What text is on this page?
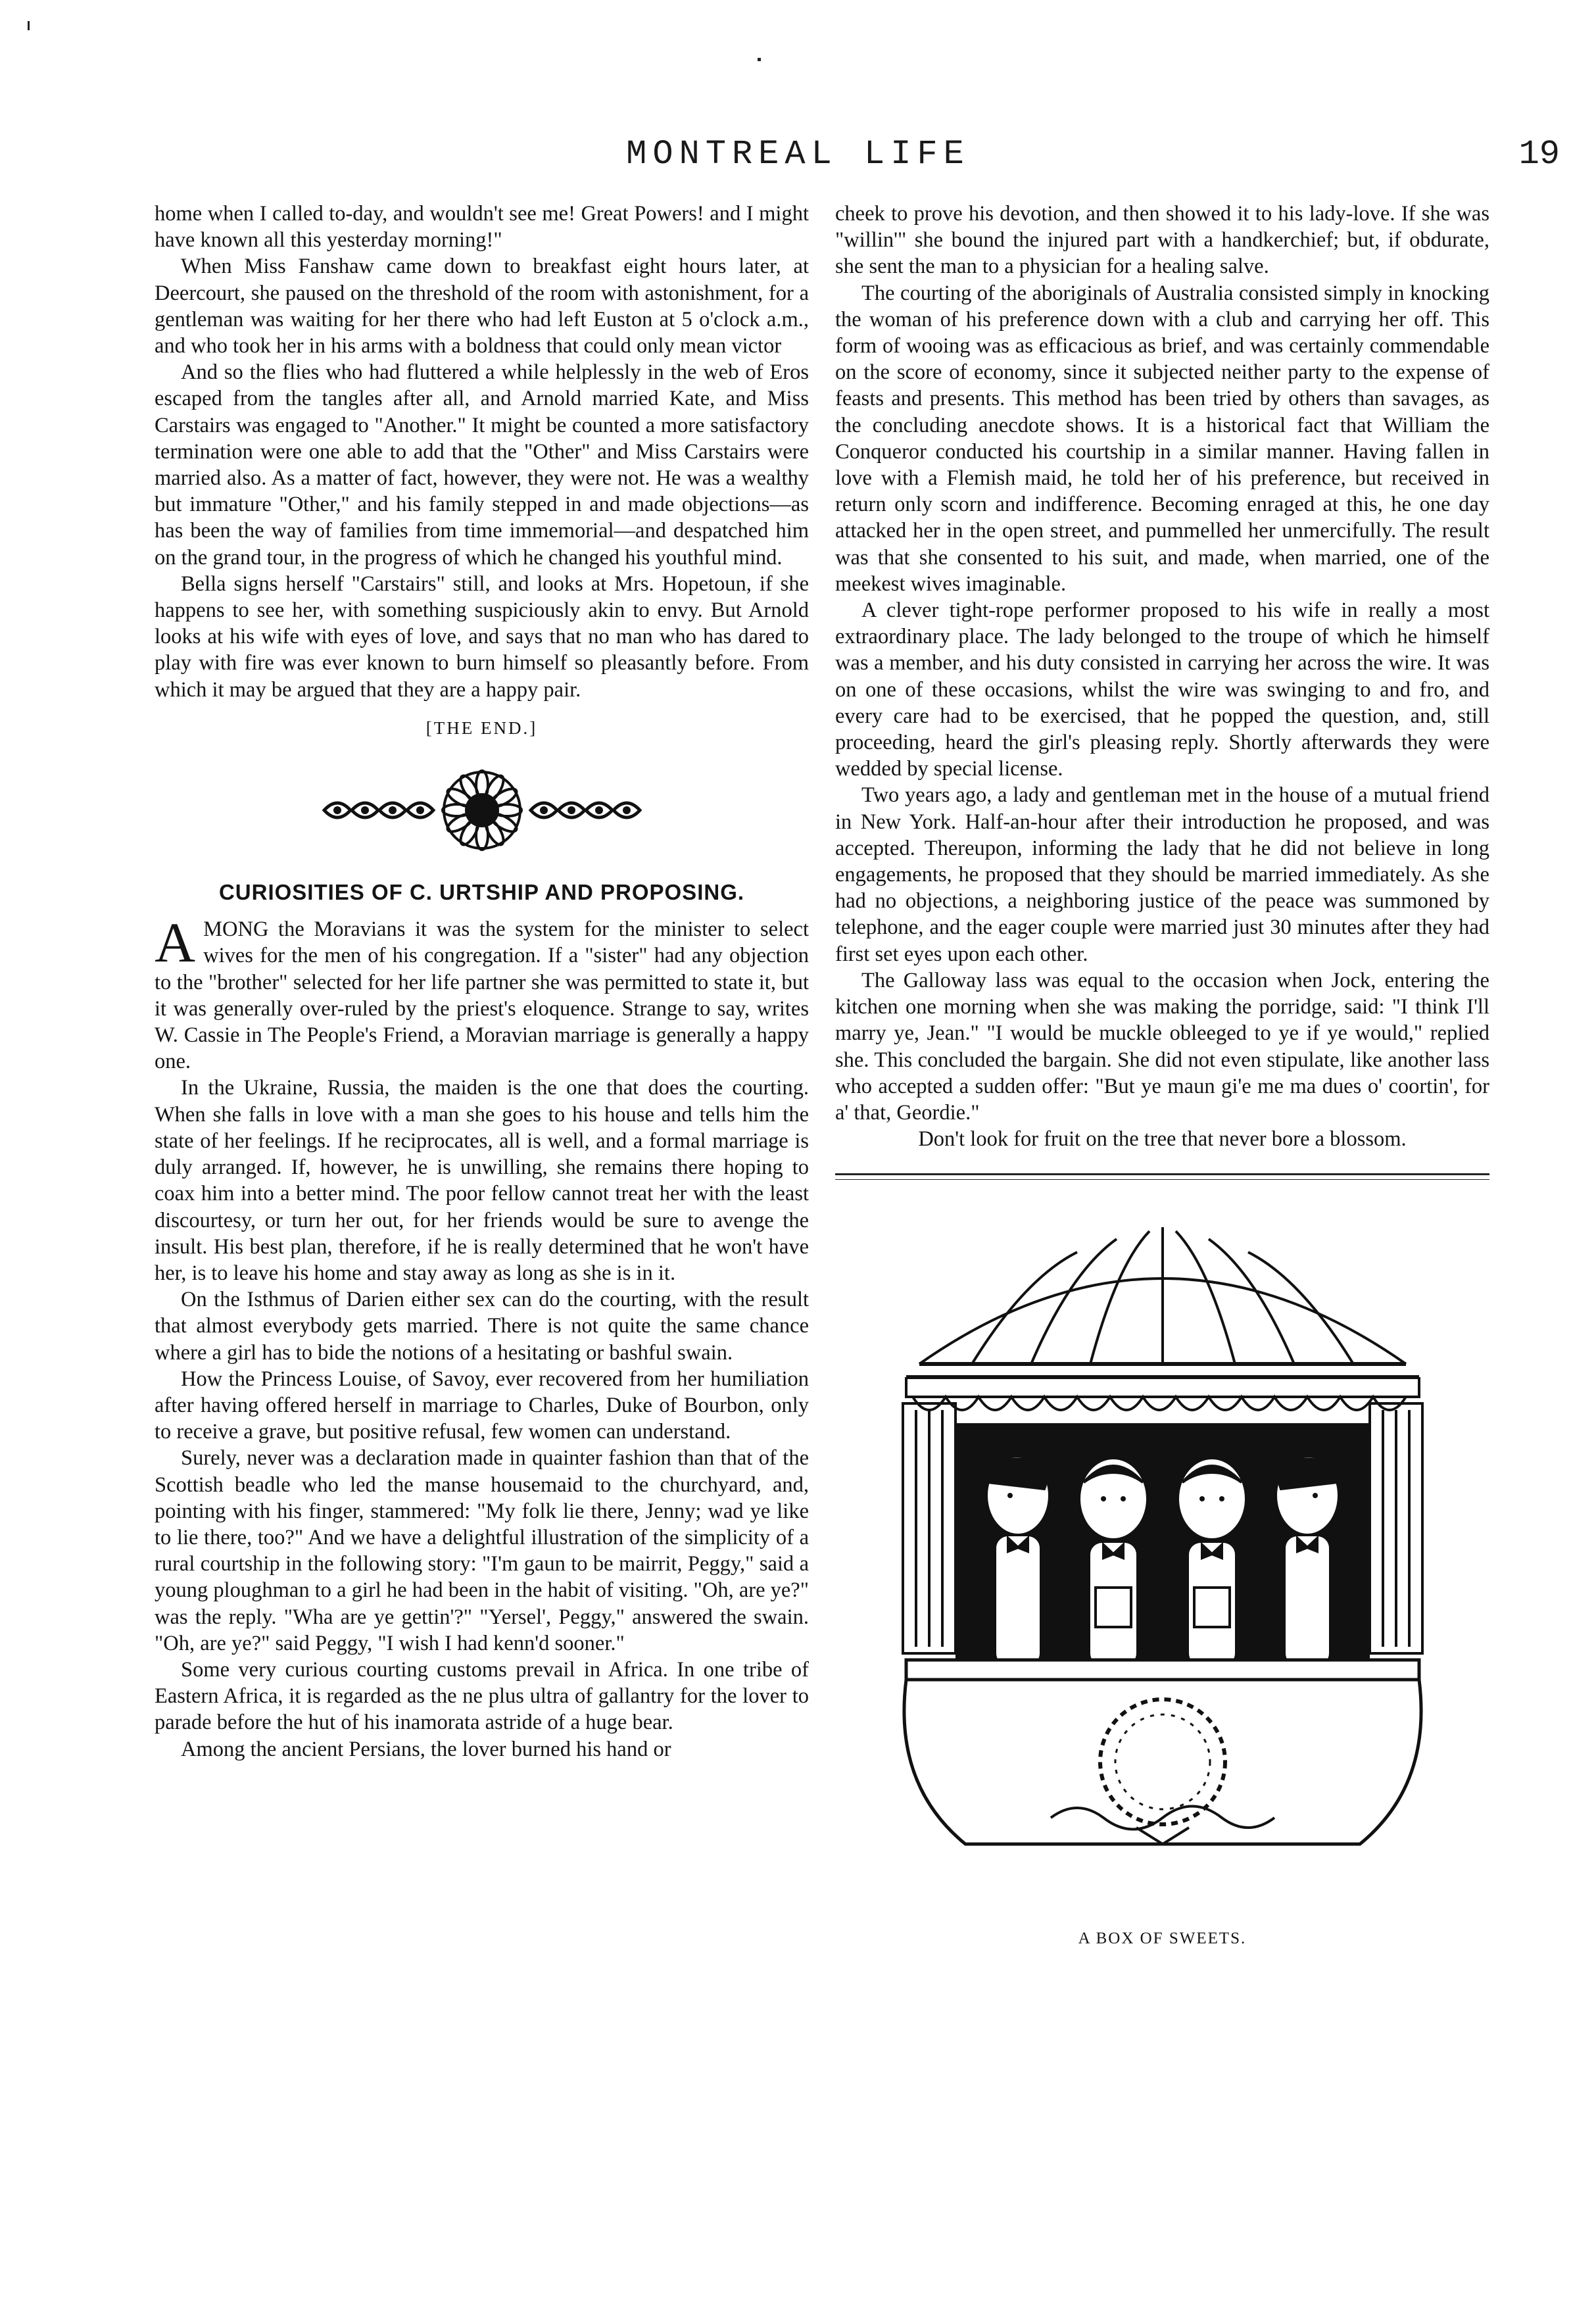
MONTREAL LIFE	19

home when I called to-day, and wouldn't see me! Great Powers! and I might have known all this yesterday morning!"

When Miss Fanshaw came down to breakfast eight hours later, at Deercourt, she paused on the threshold of the room with astonishment, for a gentleman was waiting for her there who had left Euston at 5 o'clock a.m., and who took her in his arms with a boldness that could only mean victor

And so the flies who had fluttered a while helplessly in the web of Eros escaped from the tangles after all, and Arnold married Kate, and Miss Carstairs was engaged to "Another." It might be counted a more satisfactory termination were one able to add that the "Other" and Miss Carstairs were married also. As a matter of fact, however, they were not. He was a wealthy but immature "Other," and his family stepped in and made objections—as has been the way of families from time immemorial—and despatched him on the grand tour, in the progress of which he changed his youthful mind.

Bella signs herself "Carstairs" still, and looks at Mrs. Hopetoun, if she happens to see her, with something suspiciously akin to envy. But Arnold looks at his wife with eyes of love, and says that no man who has dared to play with fire was ever known to burn himself so pleasantly before. From which it may be argued that they are a happy pair.

[THE END.]
CURIOSITIES OF C. URTSHIP AND PROPOSING.

AMONG the Moravians it was the system for the minister to select wives for the men of his congregation. If a "sister" had any objection to the "brother" selected for her life partner she was permitted to state it, but it was generally over-ruled by the priest's eloquence. Strange to say, writes W. Cassie in The People's Friend, a Moravian marriage is generally a happy one.

In the Ukraine, Russia, the maiden is the one that does the courting. When she falls in love with a man she goes to his house and tells him the state of her feelings. If he reciprocates, all is well, and a formal marriage is duly arranged. If, however, he is unwilling, she remains there hoping to coax him into a better mind. The poor fellow cannot treat her with the least discourtesy, or turn her out, for her friends would be sure to avenge the insult. His best plan, therefore, if he is really determined that he won't have her, is to leave his home and stay away as long as she is in it.

On the Isthmus of Darien either sex can do the courting, with the result that almost everybody gets married. There is not quite the same chance where a girl has to bide the notions of a hesitating or bashful swain.

How the Princess Louise, of Savoy, ever recovered from her humiliation after having offered herself in marriage to Charles, Duke of Bourbon, only to receive a grave, but positive refusal, few women can understand.

Surely, never was a declaration made in quainter fashion than that of the Scottish beadle who led the manse housemaid to the churchyard, and, pointing with his finger, stammered: "My folk lie there, Jenny; wad ye like to lie there, too?" And we have a delightful illustration of the simplicity of a rural courtship in the following story: "I'm gaun to be mairrit, Peggy," said a young ploughman to a girl he had been in the habit of visiting. "Oh, are ye?" was the reply. "Wha are ye gettin'?" "Yersel', Peggy," answered the swain. "Oh, are ye?" said Peggy, "I wish I had kenn'd sooner."

Some very curious courting customs prevail in Africa. In one tribe of Eastern Africa, it is regarded as the ne plus ultra of gallantry for the lover to parade before the hut of his inamorata astride of a huge bear.

Among the ancient Persians, the lover burned his hand or

cheek to prove his devotion, and then showed it to his lady-love. If she was "willin'" she bound the injured part with a handkerchief; but, if obdurate, she sent the man to a physician for a healing salve.

The courting of the aboriginals of Australia consisted simply in knocking the woman of his preference down with a club and carrying her off. This form of wooing was as efficacious as brief, and was certainly commendable on the score of economy, since it subjected neither party to the expense of feasts and presents. This method has been tried by others than savages, as the concluding anecdote shows. It is a historical fact that William the Conqueror conducted his courtship in a similar manner. Having fallen in love with a Flemish maid, he told her of his preference, but received in return only scorn and indifference. Becoming enraged at this, he one day attacked her in the open street, and pummelled her unmercifully. The result was that she consented to his suit, and made, when married, one of the meekest wives imaginable.

A clever tight-rope performer proposed to his wife in really a most extraordinary place. The lady belonged to the troupe of which he himself was a member, and his duty consisted in carrying her across the wire. It was on one of these occasions, whilst the wire was swinging to and fro, and every care had to be exercised, that he popped the question, and, still proceeding, heard the girl's pleasing reply. Shortly afterwards they were wedded by special license.

Two years ago, a lady and gentleman met in the house of a mutual friend in New York. Half-an-hour after their introduction he proposed, and was accepted. Thereupon, informing the lady that he did not believe in long engagements, he proposed that they should be married immediately. As she had no objections, a neighboring justice of the peace was summoned by telephone, and the eager couple were married just 30 minutes after they had first set eyes upon each other.

The Galloway lass was equal to the occasion when Jock, entering the kitchen one morning when she was making the porridge, said: "I think I'll marry ye, Jean." "I would be muckle obleeged to ye if ye would," replied she. This concluded the bargain. She did not even stipulate, like another lass who accepted a sudden offer: "But ye maun gi'e me ma dues o' coortin', for a' that, Geordie."

Don't look for fruit on the tree that never bore a blossom.

A BOX OF SWEETS.
